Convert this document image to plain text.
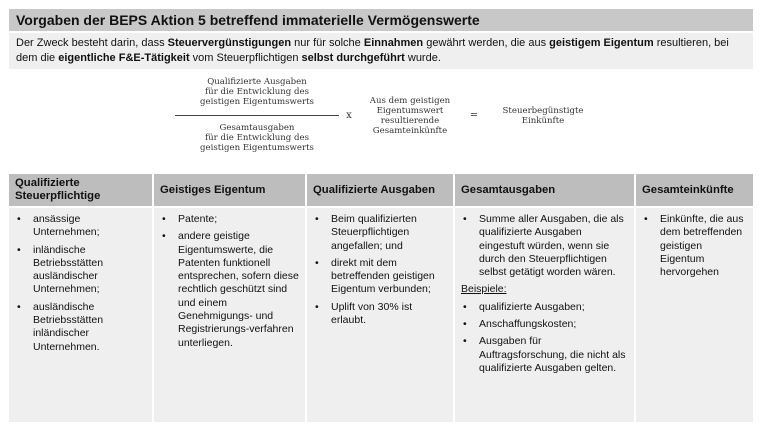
Vorgaben der BEPS Aktion 5 betreffend immaterielle Vermögenswerte
Der Zweck besteht darin, dass Steuervergünstigungen nur für solche Einnahmen gewährt werden, die aus geistigem Eigentum resultieren, bei dem die eigentliche F&E-Tätigkeit vom Steuerpflichtigen selbst durchgeführt wurde.
Qualifizierte Ausgaben
für die Entwicklung des
geistigen Eigentumswerts
Gesamtausgaben
für die Entwicklung des
geistigen Eigentumswerts
x
Aus dem geistigen
Eigentumswert
resultierende
Gesamteinkünfte
=	Steuerbegünstigte
Einkünfte
Qualifizierte Steuerpflichtige
• ansässige Unternehmen;
• inländische Betriebsstätten ausländischer Unternehmen;
• ausländische Betriebsstätten inländischer Unternehmen.
Geistiges Eigentum
• Patente;
• andere geistige Eigentumswerte, die Patenten funktionell entsprechen, sofern diese rechtlich geschützt sind und einem Genehmigungs- und Registrierungs-verfahren unterliegen.
Qualifizierte Ausgaben
• Beim qualifizierten Steuerpflichtigen angefallen; und
• direkt mit dem betreffenden geistigen Eigentum verbunden;
• Uplift von 30% ist erlaubt.
Gesamtausgaben
• Summe aller Ausgaben, die als qualifizierte Ausgaben eingestuft würden, wenn sie durch den Steuerpflichtigen selbst getätigt worden wären.
Beispiele:
• qualifizierte Ausgaben;
• Anschaffungskosten;
• Ausgaben für Auftragsforschung, die nicht als qualifizierte Ausgaben gelten.
Gesamteinkünfte
• Einkünfte, die aus dem betreffenden geistigen Eigentum hervorgehen
